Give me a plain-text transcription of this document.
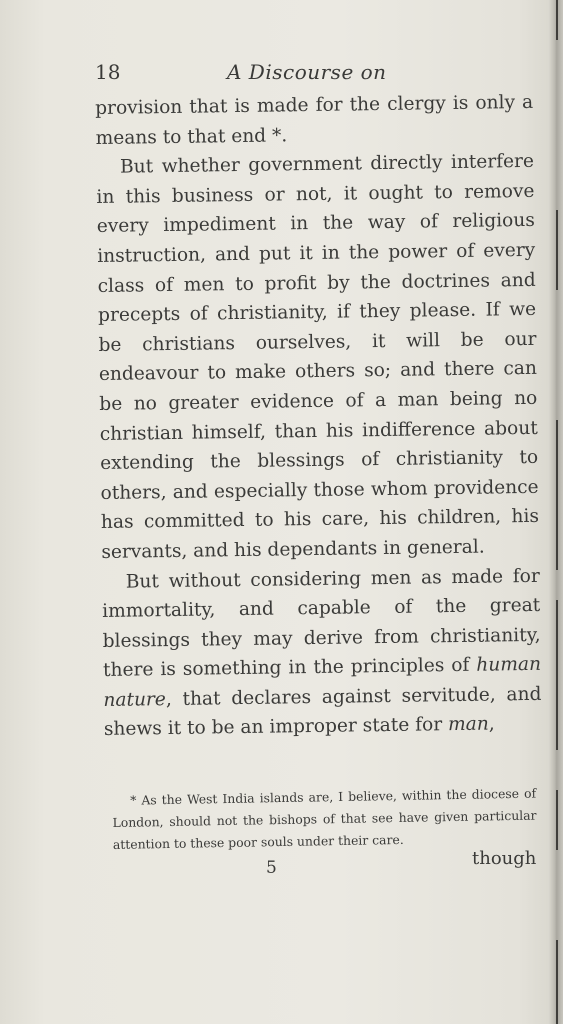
18	A Discourse on

provision that is made for the clergy is only a means to that end *.

But whether government directly interfere in this business or not, it ought to remove every impediment in the way of religious instruction, and put it in the power of every class of men to profit by the doctrines and precepts of christianity, if they please. If we be christians ourselves, it will be our endeavour to make others so; and there can be no greater evidence of a man being no christian himself, than his indifference about extending the blessings of christianity to others, and especially those whom providence has committed to his care, his children, his servants, and his dependants in general.

But without considering men as made for immortality, and capable of the great blessings they may derive from christianity, there is something in the principles of human nature, that declares against servitude, and shews it to be an improper state for man,

* As the West India islands are, I believe, within the diocese of London, should not the bishops of that see have given particular attention to these poor souls under their care.
5	though
